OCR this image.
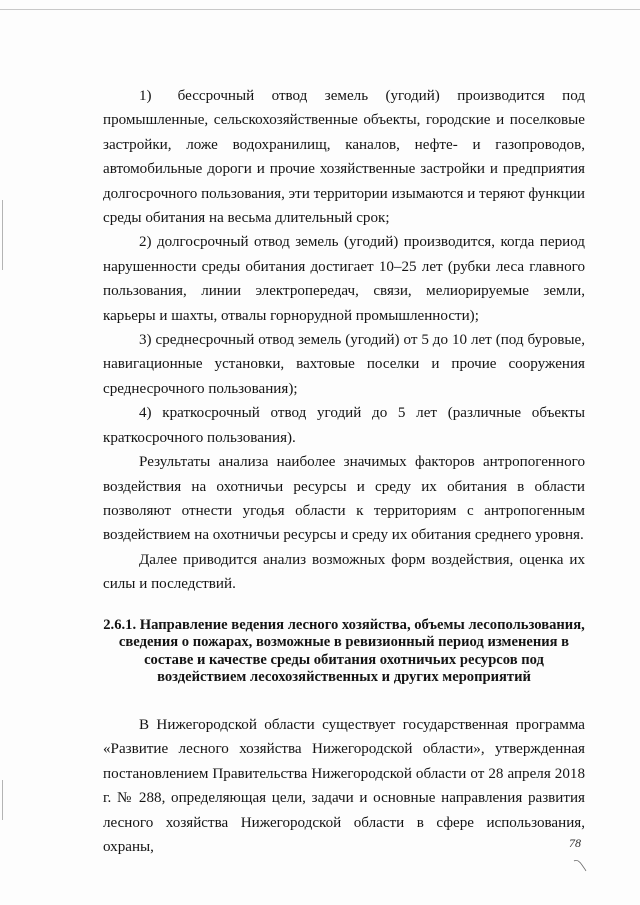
1)   бессрочный  отвод  земель  (угодий)  производится  под промышленные, сельскохозяйственные объекты, городские и поселковые застройки, ложе водохранилищ, каналов, нефте- и газопроводов, автомобильные дороги и прочие хозяйственные застройки и предприятия долгосрочного пользования, эти территории изымаются и теряют функции среды обитания на весьма длительный срок;

2) долгосрочный отвод земель (угодий) производится, когда период нарушенности среды обитания достигает 10–25 лет (рубки леса главного пользования, линии электропередач, связи, мелиорируемые земли, карьеры и шахты, отвалы горнорудной промышленности);

3) среднесрочный отвод земель (угодий) от 5 до 10 лет (под буровые, навигационные установки, вахтовые поселки и прочие сооружения среднесрочного пользования);

4) краткосрочный отвод угодий до 5 лет (различные объекты краткосрочного пользования).

Результаты анализа наиболее значимых факторов антропогенного воздействия на охотничьи ресурсы и среду их обитания в области позволяют отнести угодья области к территориям с антропогенным воздействием на охотничьи ресурсы и среду их обитания среднего уровня.

Далее приводится анализ возможных форм воздействия, оценка их силы и последствий.

2.6.1. Направление ведения лесного хозяйства, объемы лесопользования, сведения о пожарах, возможные в ревизионный период изменения в составе и качестве среды обитания охотничьих ресурсов под воздействием лесохозяйственных и других мероприятий

В Нижегородской области существует государственная программа «Развитие лесного хозяйства Нижегородской области», утвержденная постановлением Правительства Нижегородской области от 28 апреля 2018 г. № 288, определяющая цели, задачи и основные направления развития лесного хозяйства Нижегородской области в сфере использования, охраны,	78
